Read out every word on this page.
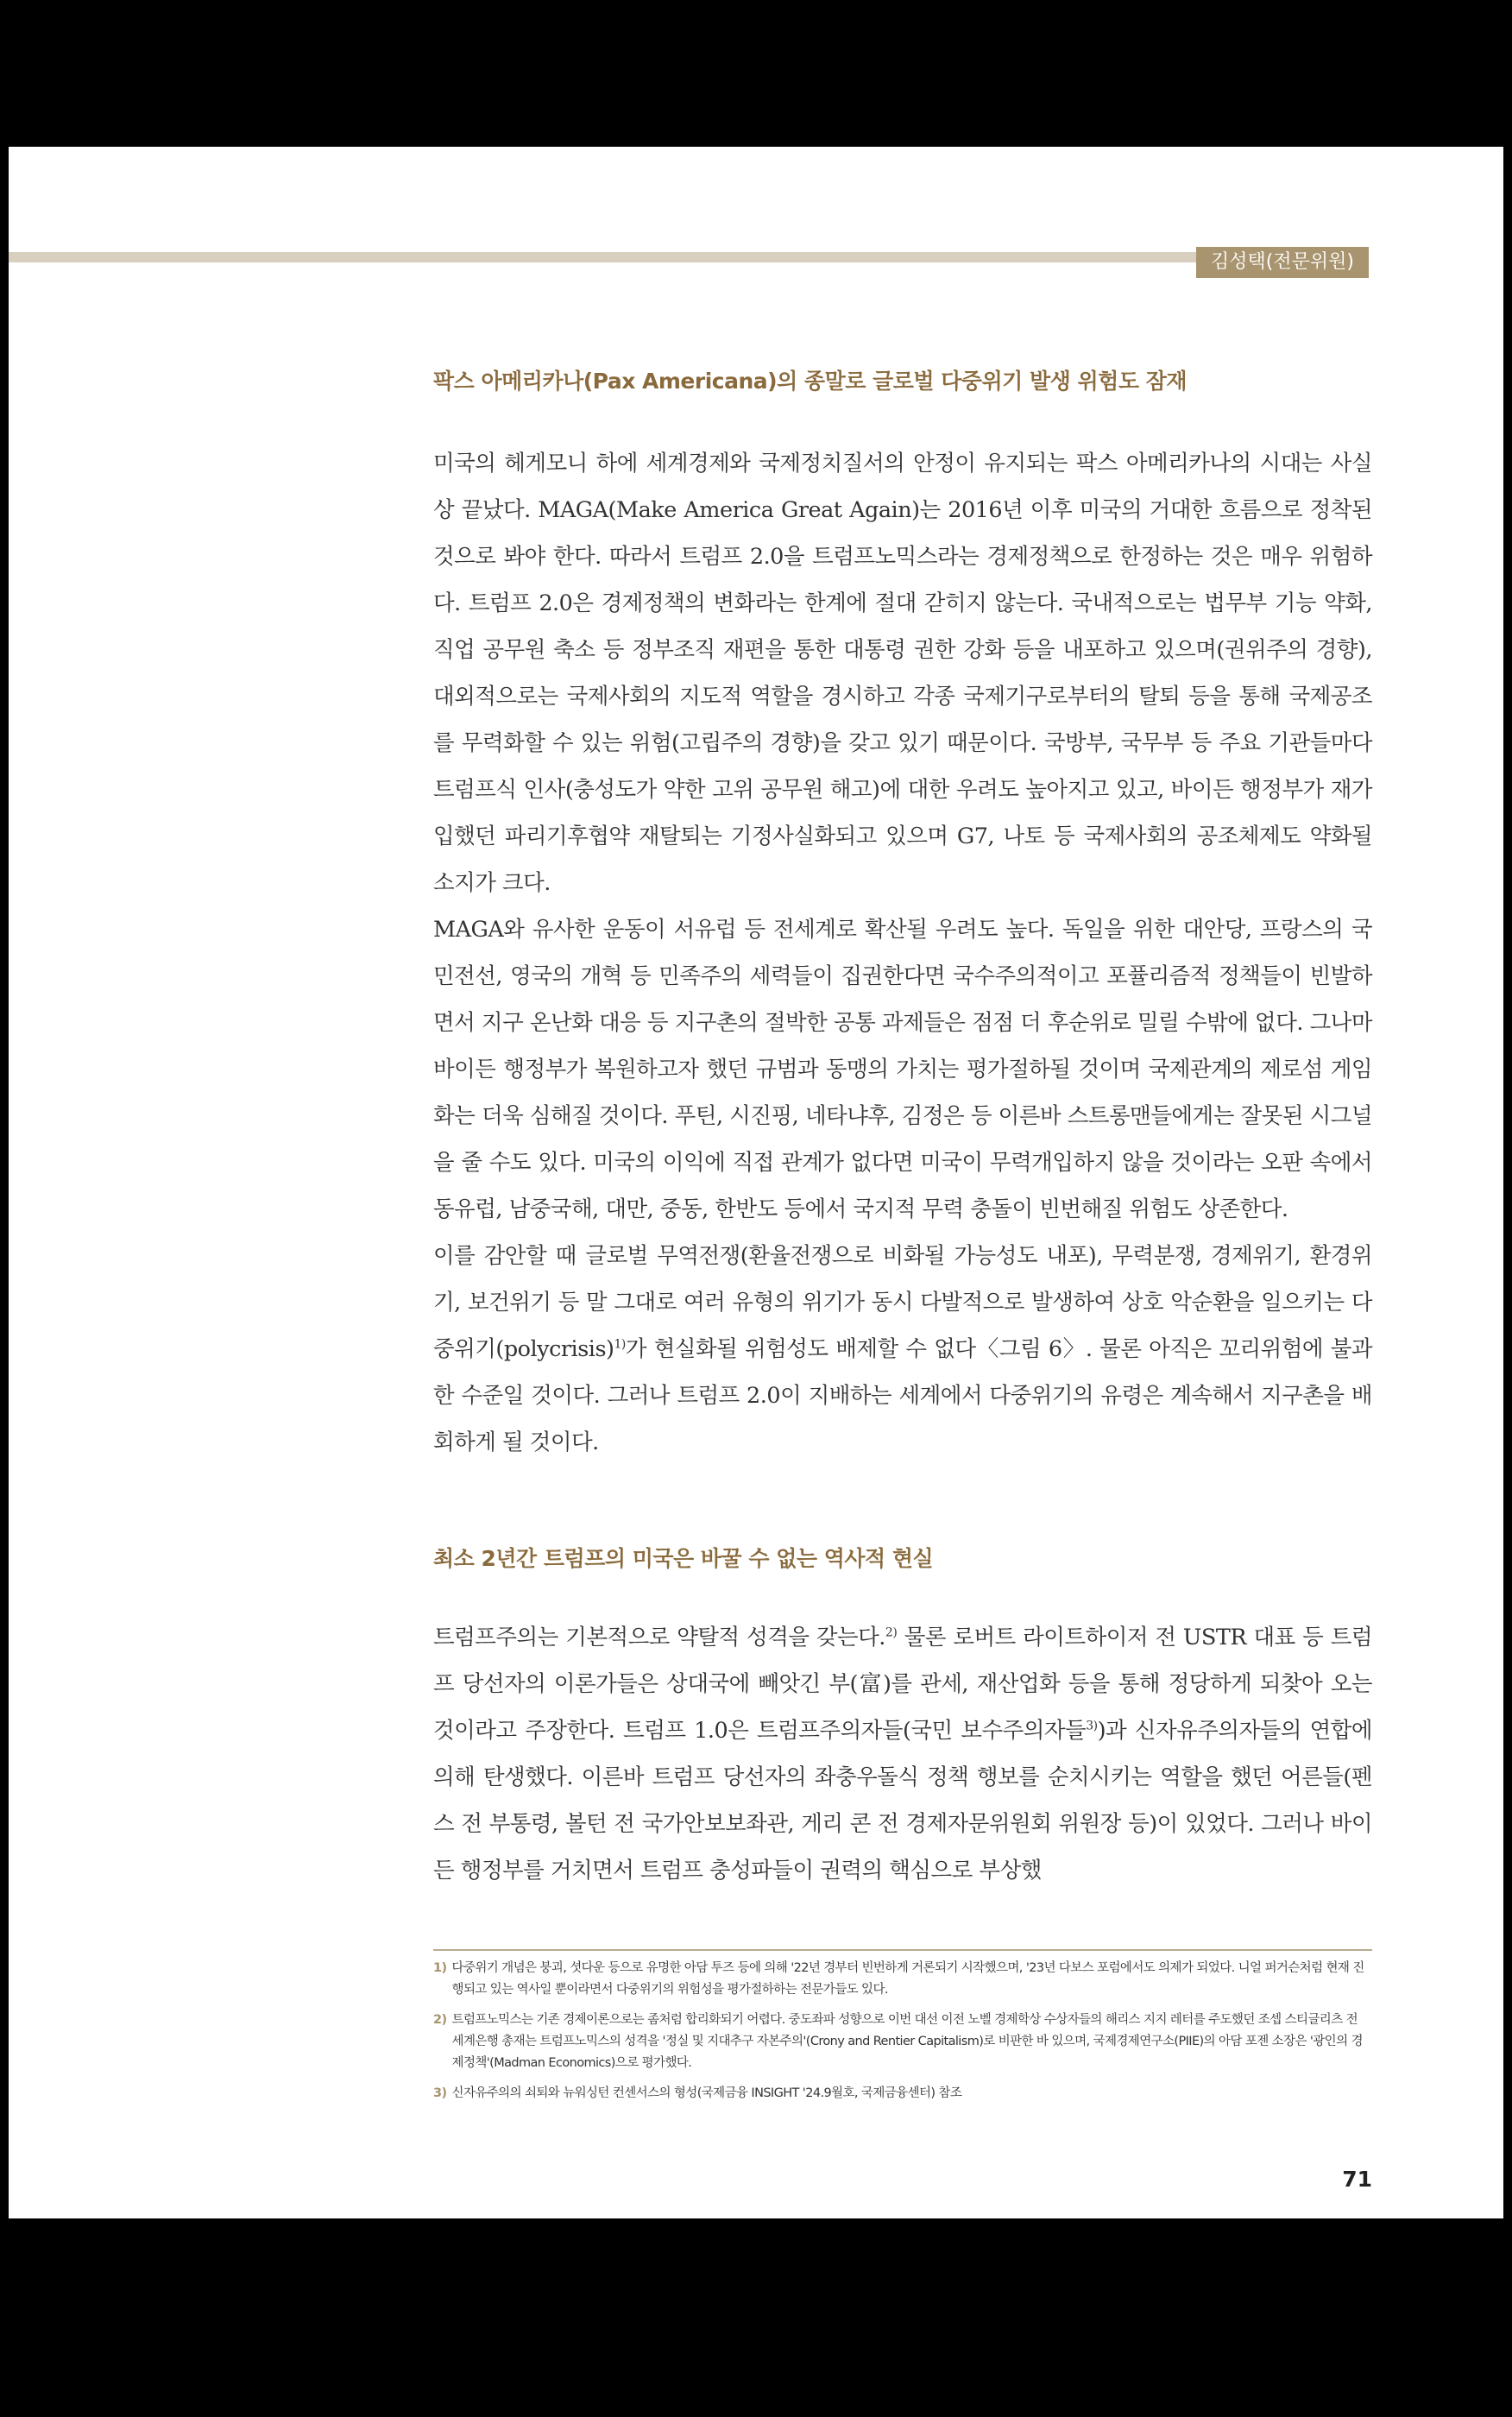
김성택(전문위원)
팍스 아메리카나(Pax Americana)의 종말로 글로벌 다중위기 발생 위험도 잠재

미국의 헤게모니 하에 세계경제와 국제정치질서의 안정이 유지되는 팍스 아메리카나의 시대는 사실상 끝났다. MAGA(Make America Great Again)는 2016년 이후 미국의 거대한 흐름으로 정착된 것으로 봐야 한다. 따라서 트럼프 2.0을 트럼프노믹스라는 경제정책으로 한정하는 것은 매우 위험하다. 트럼프 2.0은 경제정책의 변화라는 한계에 절대 갇히지 않는다. 국내적으로는 법무부 기능 약화, 직업 공무원 축소 등 정부조직 재편을 통한 대통령 권한 강화 등을 내포하고 있으며(권위주의 경향), 대외적으로는 국제사회의 지도적 역할을 경시하고 각종 국제기구로부터의 탈퇴 등을 통해 국제공조를 무력화할 수 있는 위험(고립주의 경향)을 갖고 있기 때문이다. 국방부, 국무부 등 주요 기관들마다 트럼프식 인사(충성도가 약한 고위 공무원 해고)에 대한 우려도 높아지고 있고, 바이든 행정부가 재가입했던 파리기후협약 재탈퇴는 기정사실화되고 있으며 G7, 나토 등 국제사회의 공조체제도 약화될 소지가 크다.

MAGA와 유사한 운동이 서유럽 등 전세계로 확산될 우려도 높다. 독일을 위한 대안당, 프랑스의 국민전선, 영국의 개혁 등 민족주의 세력들이 집권한다면 국수주의적이고 포퓰리즘적 정책들이 빈발하면서 지구 온난화 대응 등 지구촌의 절박한 공통 과제들은 점점 더 후순위로 밀릴 수밖에 없다. 그나마 바이든 행정부가 복원하고자 했던 규범과 동맹의 가치는 평가절하될 것이며 국제관계의 제로섬 게임화는 더욱 심해질 것이다. 푸틴, 시진핑, 네타냐후, 김정은 등 이른바 스트롱맨들에게는 잘못된 시그널을 줄 수도 있다. 미국의 이익에 직접 관계가 없다면 미국이 무력개입하지 않을 것이라는 오판 속에서 동유럽, 남중국해, 대만, 중동, 한반도 등에서 국지적 무력 충돌이 빈번해질 위험도 상존한다.

이를 감안할 때 글로벌 무역전쟁(환율전쟁으로 비화될 가능성도 내포), 무력분쟁, 경제위기, 환경위기, 보건위기 등 말 그대로 여러 유형의 위기가 동시 다발적으로 발생하여 상호 악순환을 일으키는 다중위기(polycrisis)$^{1)}$가 현실화될 위험성도 배제할 수 없다〈그림 6〉. 물론 아직은 꼬리위험에 불과한 수준일 것이다. 그러나 트럼프 2.0이 지배하는 세계에서 다중위기의 유령은 계속해서 지구촌을 배회하게 될 것이다.

최소 2년간 트럼프의 미국은 바꿀 수 없는 역사적 현실

트럼프주의는 기본적으로 약탈적 성격을 갖는다.$^{2)}$ 물론 로버트 라이트하이저 전 USTR 대표 등 트럼프 당선자의 이론가들은 상대국에 빼앗긴 부(富)를 관세, 재산업화 등을 통해 정당하게 되찾아 오는 것이라고 주장한다. 트럼프 1.0은 트럼프주의자들(국민 보수주의자들$^{3)}$)과 신자유주의자들의 연합에 의해 탄생했다. 이른바 트럼프 당선자의 좌충우돌식 정책 행보를 순치시키는 역할을 했던 어른들(펜스 전 부통령, 볼턴 전 국가안보보좌관, 게리 콘 전 경제자문위원회 위원장 등)이 있었다. 그러나 바이든 행정부를 거치면서 트럼프 충성파들이 권력의 핵심으로 부상했

1) 다중위기 개념은 붕괴, 셧다운 등으로 유명한 아담 투즈 등에 의해 '22년 경부터 빈번하게 거론되기 시작했으며, '23년 다보스 포럼에서도 의제가 되었다. 니얼 퍼거슨처럼 현재 진행되고 있는 역사일 뿐이라면서 다중위기의 위험성을 평가절하하는 전문가들도 있다.
2) 트럼프노믹스는 기존 경제이론으로는 좀처럼 합리화되기 어렵다. 중도좌파 성향으로 이번 대선 이전 노벨 경제학상 수상자들의 해리스 지지 레터를 주도했던 조셉 스티글리츠 전 세계은행 총재는 트럼프노믹스의 성격을 '정실 및 지대추구 자본주의'(Crony and Rentier Capitalism)로 비판한 바 있으며, 국제경제연구소(PIIE)의 아담 포젠 소장은 '광인의 경제정책'(Madman Economics)으로 평가했다.
3) 신자유주의의 쇠퇴와 뉴워싱턴 컨센서스의 형성(국제금융 INSIGHT '24.9월호, 국제금융센터) 참조
71
